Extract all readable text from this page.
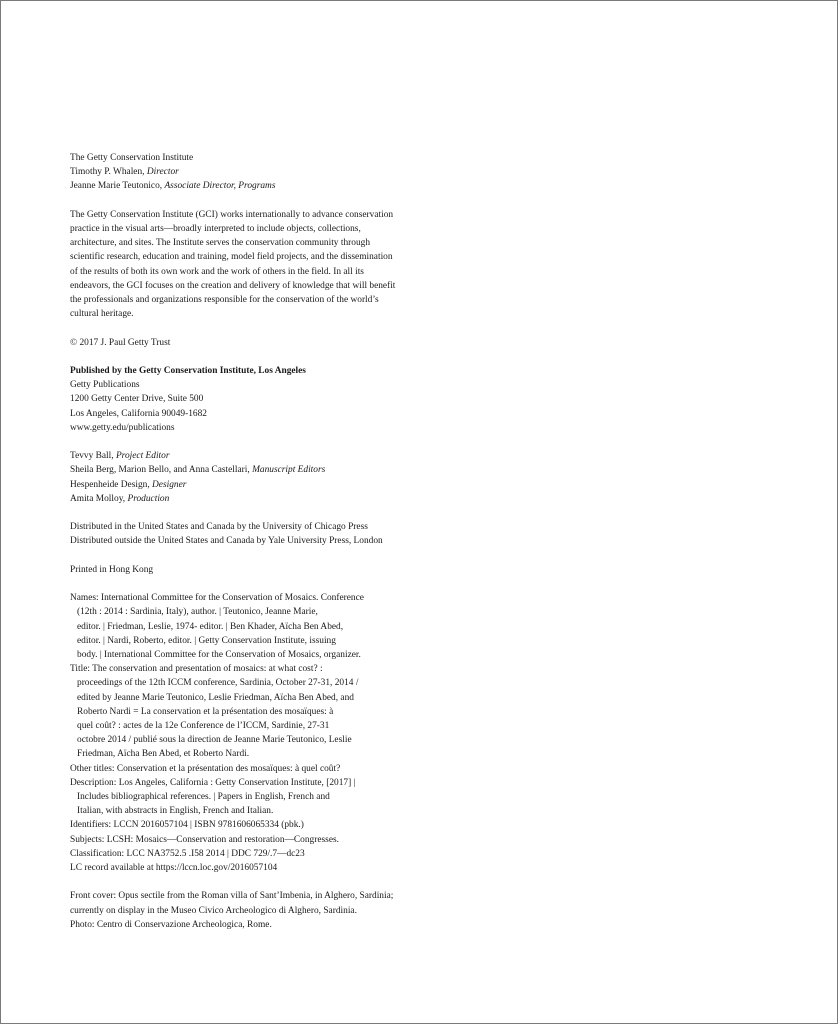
The Getty Conservation Institute
Timothy P. Whalen, Director
Jeanne Marie Teutonico, Associate Director, Programs
The Getty Conservation Institute (GCI) works internationally to advance conservation
practice in the visual arts—broadly interpreted to include objects, collections,
architecture, and sites. The Institute serves the conservation community through
scientific research, education and training, model field projects, and the dissemination
of the results of both its own work and the work of others in the field. In all its
endeavors, the GCI focuses on the creation and delivery of knowledge that will benefit
the professionals and organizations responsible for the conservation of the world’s
cultural heritage.
© 2017 J. Paul Getty Trust
Published by the Getty Conservation Institute, Los Angeles
Getty Publications
1200 Getty Center Drive, Suite 500
Los Angeles, California 90049-1682
www.getty.edu/publications
Tevvy Ball, Project Editor
Sheila Berg, Marion Bello, and Anna Castellari, Manuscript Editors
Hespenheide Design, Designer
Amita Molloy, Production
Distributed in the United States and Canada by the University of Chicago Press
Distributed outside the United States and Canada by Yale University Press, London
Printed in Hong Kong
Names: International Committee for the Conservation of Mosaics. Conference
(12th : 2014 : Sardinia, Italy), author. | Teutonico, Jeanne Marie,
editor. | Friedman, Leslie, 1974- editor. | Ben Khader, Aïcha Ben Abed,
editor. | Nardi, Roberto, editor. | Getty Conservation Institute, issuing
body. | International Committee for the Conservation of Mosaics, organizer.
Title: The conservation and presentation of mosaics: at what cost? :
proceedings of the 12th ICCM conference, Sardinia, October 27-31, 2014 /
edited by Jeanne Marie Teutonico, Leslie Friedman, Aïcha Ben Abed, and
Roberto Nardi = La conservation et la présentation des mosaïques: à
quel coût? : actes de la 12e Conference de l’ICCM, Sardinie, 27-31
octobre 2014 / publié sous la direction de Jeanne Marie Teutonico, Leslie
Friedman, Aïcha Ben Abed, et Roberto Nardi.
Other titles: Conservation et la présentation des mosaïques: à quel coût?
Description: Los Angeles, California : Getty Conservation Institute, [2017] |
Includes bibliographical references. | Papers in English, French and
Italian, with abstracts in English, French and Italian.
Identifiers: LCCN 2016057104 | ISBN 9781606065334 (pbk.)
Subjects: LCSH: Mosaics—Conservation and restoration—Congresses.
Classification: LCC NA3752.5 .I58 2014 | DDC 729/.7—dc23
LC record available at https://lccn.loc.gov/2016057104
Front cover: Opus sectile from the Roman villa of Sant’Imbenia, in Alghero, Sardinia;
currently on display in the Museo Civico Archeologico di Alghero, Sardinia.
Photo: Centro di Conservazione Archeologica, Rome.
